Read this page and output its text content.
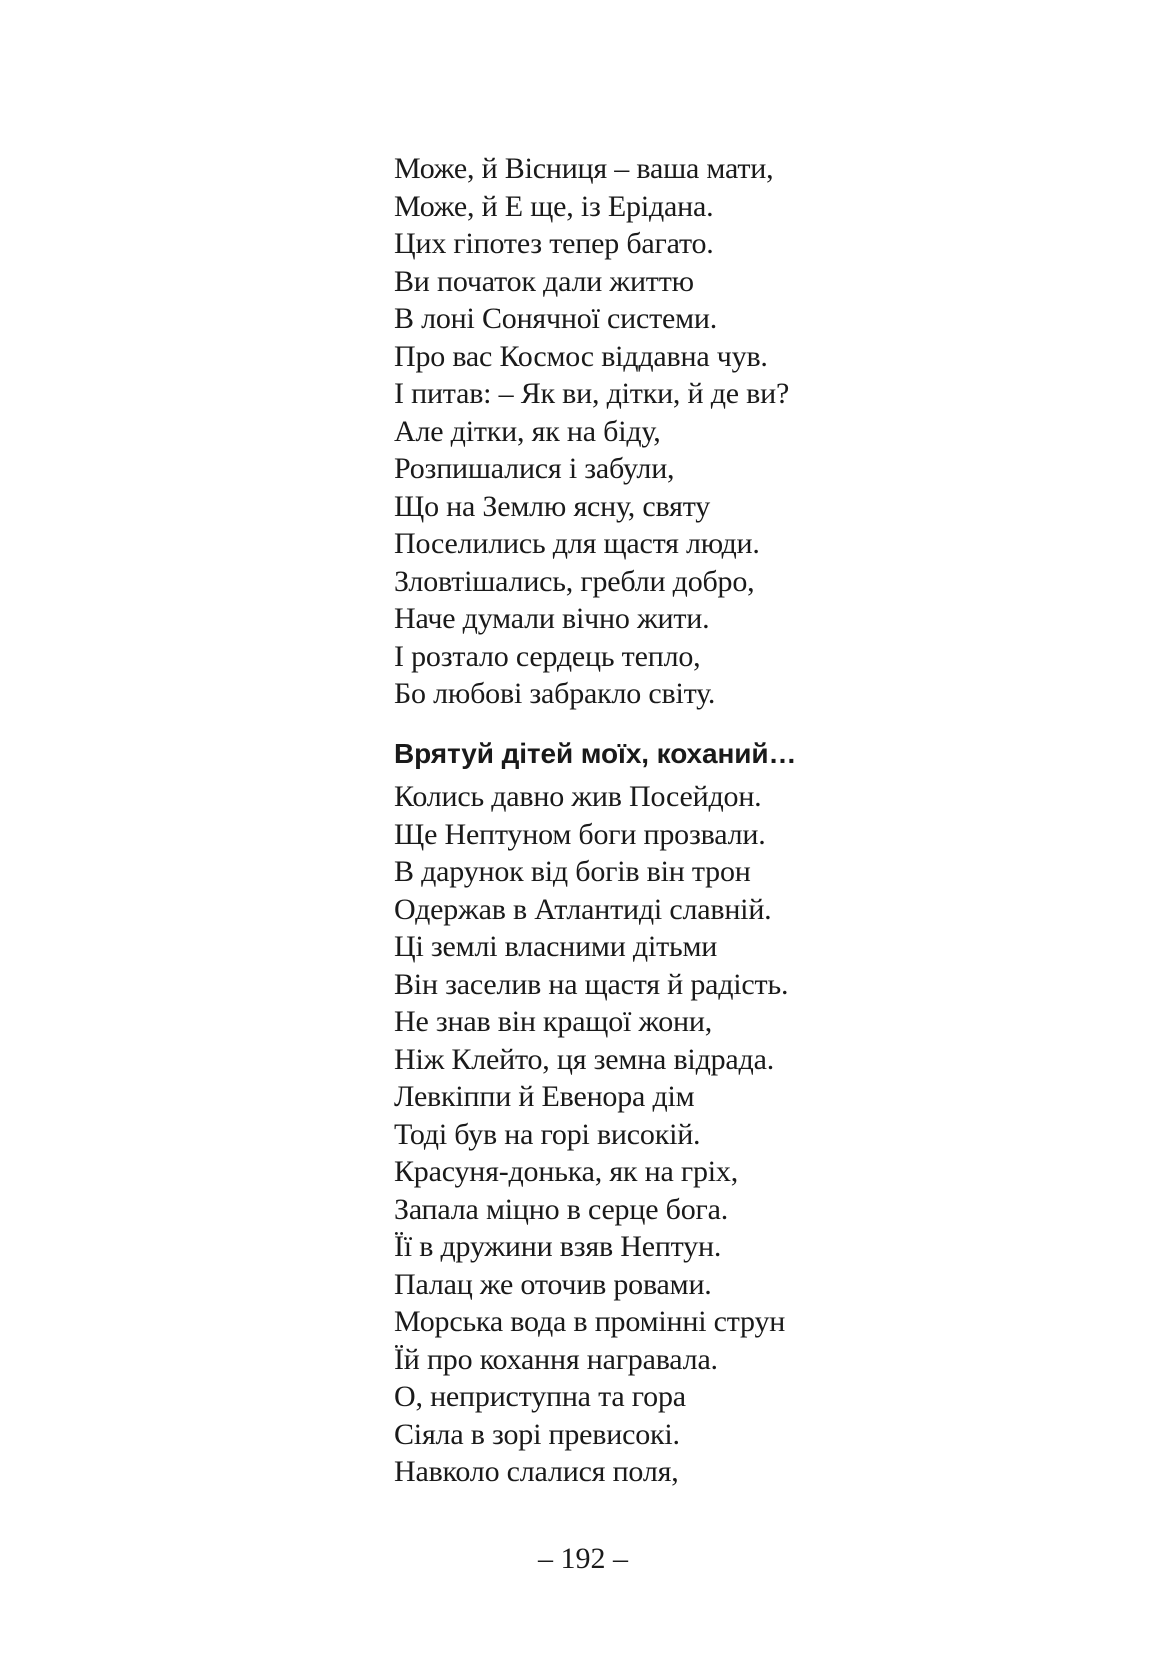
Може, й Вісниця – ваша мати,
Може, й Е ще, із Ерідана.
Цих гіпотез тепер багато.
Ви початок дали життю
В лоні Сонячної системи.
Про вас Космос віддавна чув.
І питав: – Як ви, дітки, й де ви?
Але дітки, як на біду,
Розпишалися і забули,
Що на Землю ясну, святу
Поселились для щастя люди.
Зловтішались, гребли добро,
Наче думали вічно жити.
І розтало сердець тепло,
Бо любові забракло світу.
Врятуй дітей моїх, коханий…
Колись давно жив Посейдон.
Ще Нептуном боги прозвали.
В дарунок від богів він трон
Одержав в Атлантиді славній.
Ці землі власними дітьми
Він заселив на щастя й радість.
Не знав він кращої жони,
Ніж Клейто, ця земна відрада.
Левкіппи й Евенора дім
Тоді був на горі високій.
Красуня-донька, як на гріх,
Запала міцно в серце бога.
Її в дружини взяв Нептун.
Палац же оточив ровами.
Морська вода в промінні струн
Їй про кохання награвала.
О, неприступна та гора
Сіяла в зорі превисокі.
Навколо слалися поля,
– 192 –
